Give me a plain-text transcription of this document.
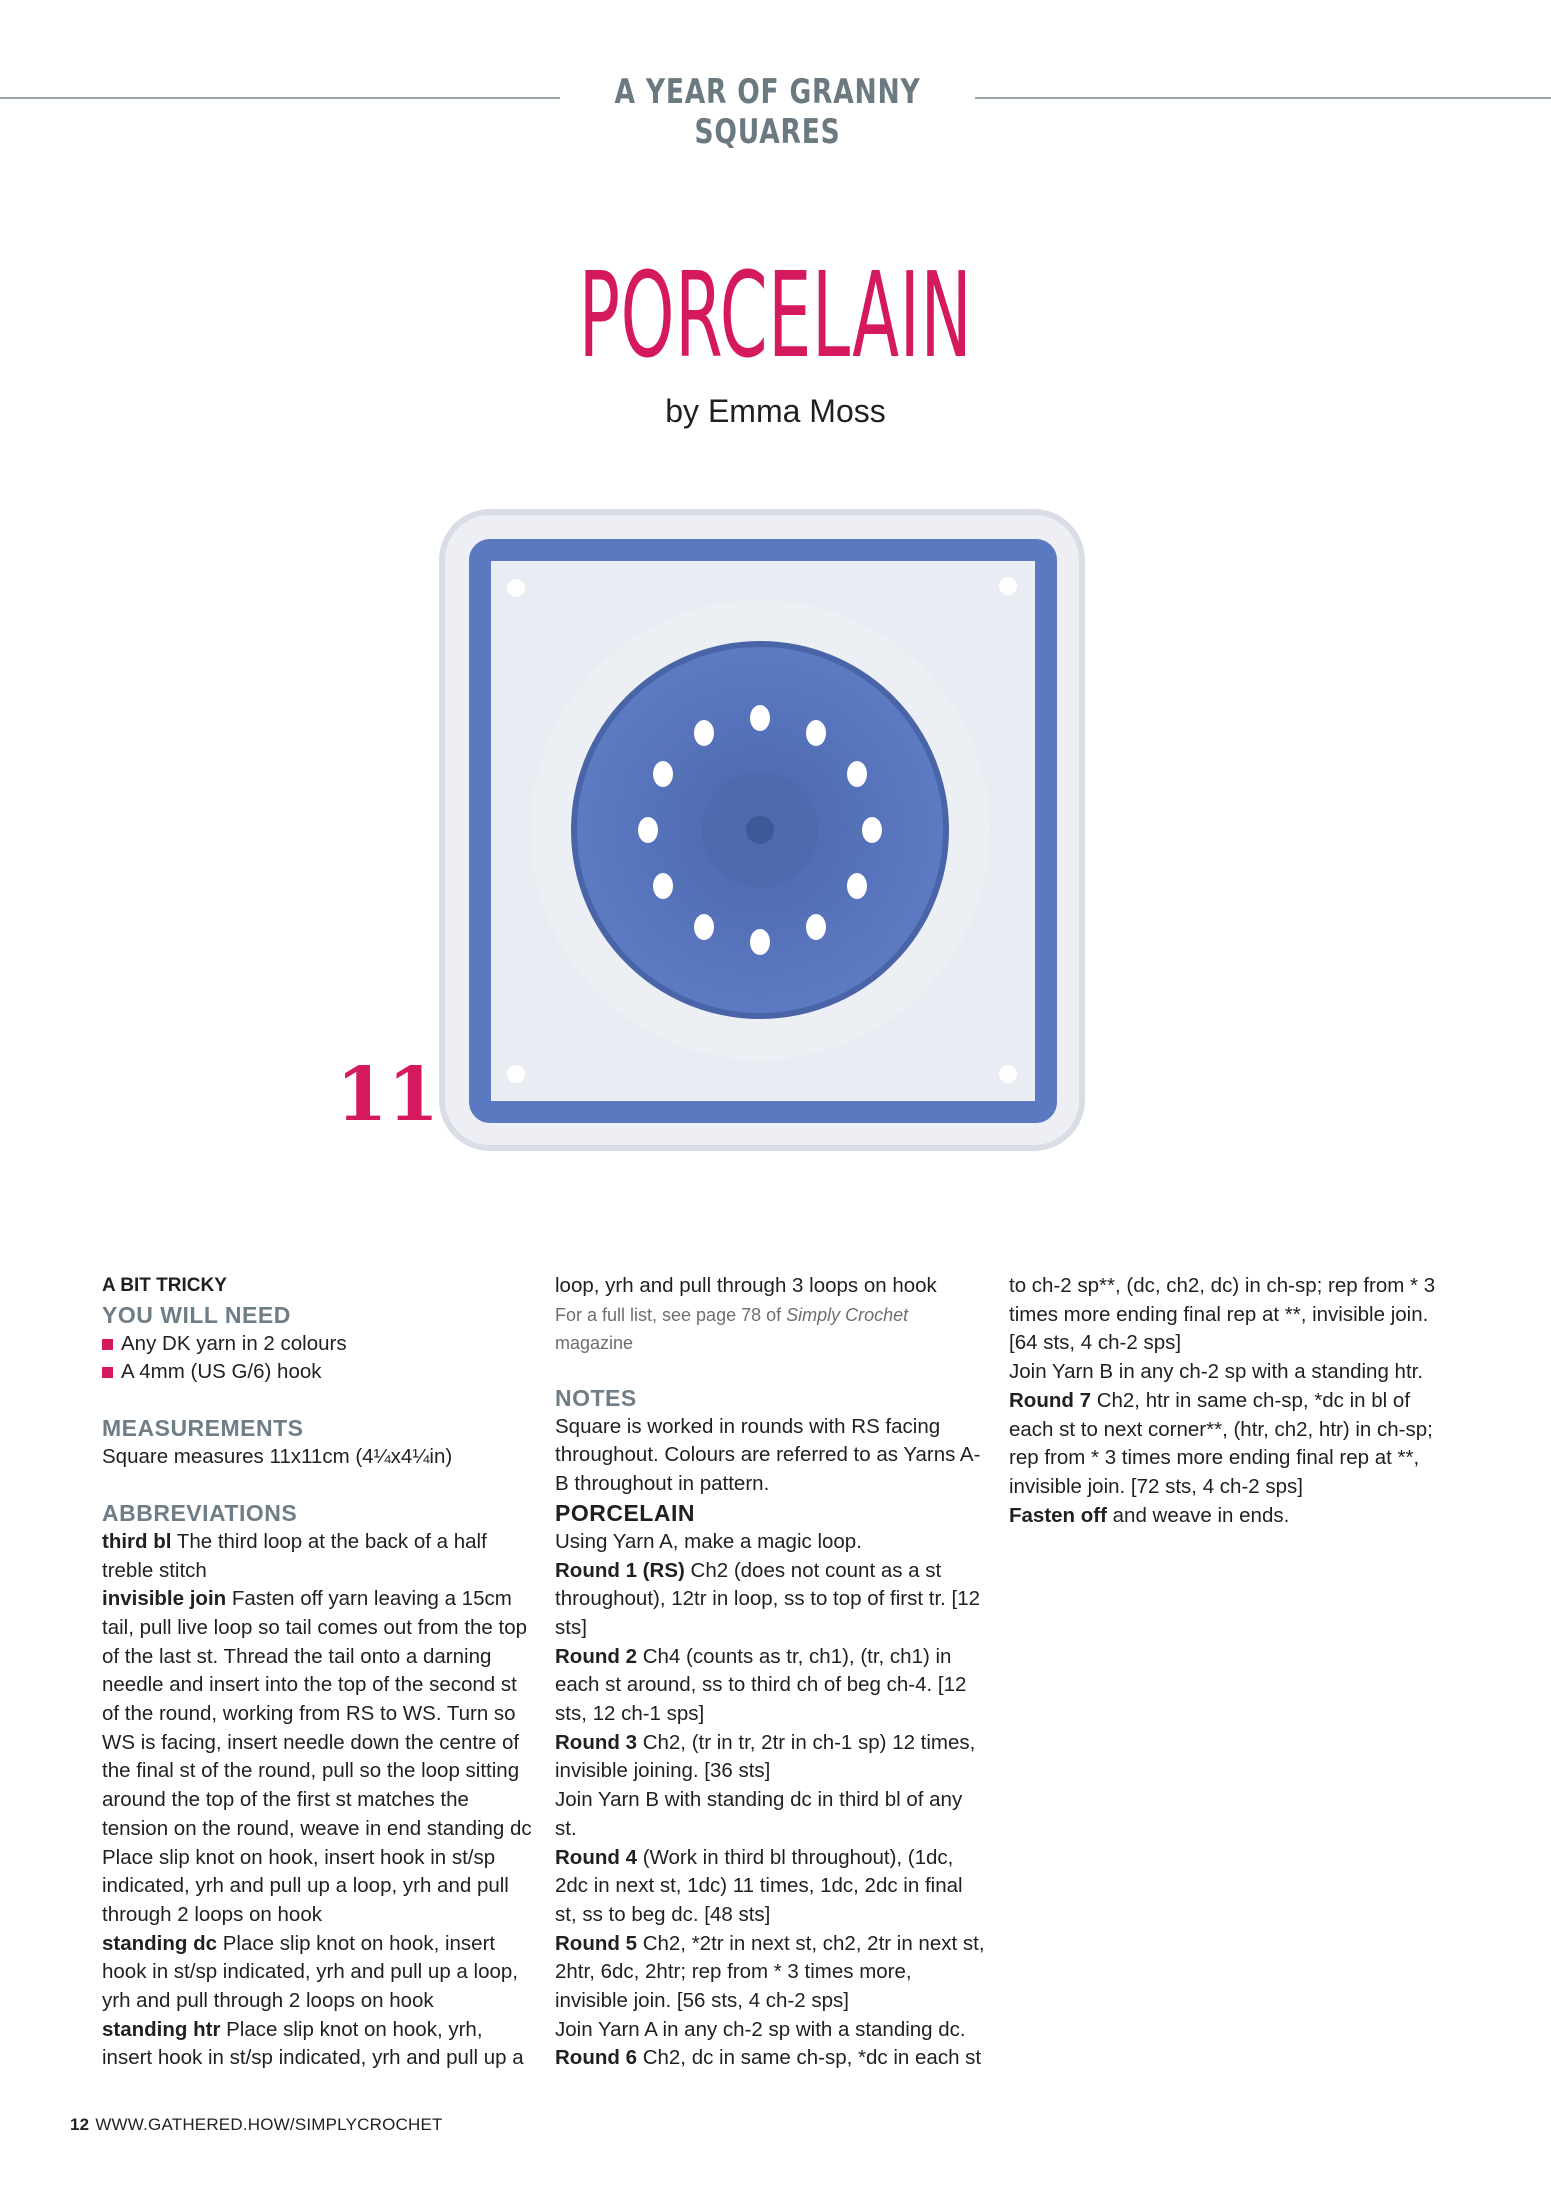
A YEAR OF GRANNY SQUARES
PORCELAIN
by Emma Moss
11

A BIT TRICKY

YOU WILL NEED

Any DK yarn in 2 colours
A 4mm (US G/6) hook

MEASUREMENTS

Square measures 11x11cm (4¼x4¼in)

ABBREVIATIONS

third bl The third loop at the back of a half treble stitch

invisible join Fasten off yarn leaving a 15cm tail, pull live loop so tail comes out from the top of the last st. Thread the tail onto a darning needle and insert into the top of the second st of the round, working from RS to WS. Turn so WS is facing, insert needle down the centre of the final st of the round, pull so the loop sitting around the top of the first st matches the tension on the round, weave in end standing dc Place slip knot on hook, insert hook in st/sp indicated, yrh and pull up a loop, yrh and pull through 2 loops on hook

standing dc Place slip knot on hook, insert hook in st/sp indicated, yrh and pull up a loop, yrh and pull through 2 loops on hook

standing htr Place slip knot on hook, yrh, insert hook in st/sp indicated, yrh and pull up a

loop, yrh and pull through 3 loops on hook

For a full list, see page 78 of Simply Crochet magazine

NOTES

Square is worked in rounds with RS facing throughout. Colours are referred to as Yarns A-B throughout in pattern.

PORCELAIN

Using Yarn A, make a magic loop.

Round 1 (RS) Ch2 (does not count as a st throughout), 12tr in loop, ss to top of first tr. [12 sts]

Round 2 Ch4 (counts as tr, ch1), (tr, ch1) in each st around, ss to third ch of beg ch-4. [12 sts, 12 ch-1 sps]

Round 3 Ch2, (tr in tr, 2tr in ch-1 sp) 12 times, invisible joining. [36 sts]

Join Yarn B with standing dc in third bl of any st.

Round 4 (Work in third bl throughout), (1dc, 2dc in next st, 1dc) 11 times, 1dc, 2dc in final st, ss to beg dc. [48 sts]

Round 5 Ch2, *2tr in next st, ch2, 2tr in next st, 2htr, 6dc, 2htr; rep from * 3 times more, invisible join. [56 sts, 4 ch-2 sps]

Join Yarn A in any ch-2 sp with a standing dc.

Round 6 Ch2, dc in same ch-sp, *dc in each st

to ch-2 sp**, (dc, ch2, dc) in ch-sp; rep from * 3 times more ending final rep at **, invisible join. [64 sts, 4 ch-2 sps]

Join Yarn B in any ch-2 sp with a standing htr.

Round 7 Ch2, htr in same ch-sp, *dc in bl of each st to next corner**, (htr, ch2, htr) in ch-sp; rep from * 3 times more ending final rep at **, invisible join. [72 sts, 4 ch-2 sps]

Fasten off and weave in ends.

12 WWW.GATHERED.HOW/SIMPLYCROCHET
